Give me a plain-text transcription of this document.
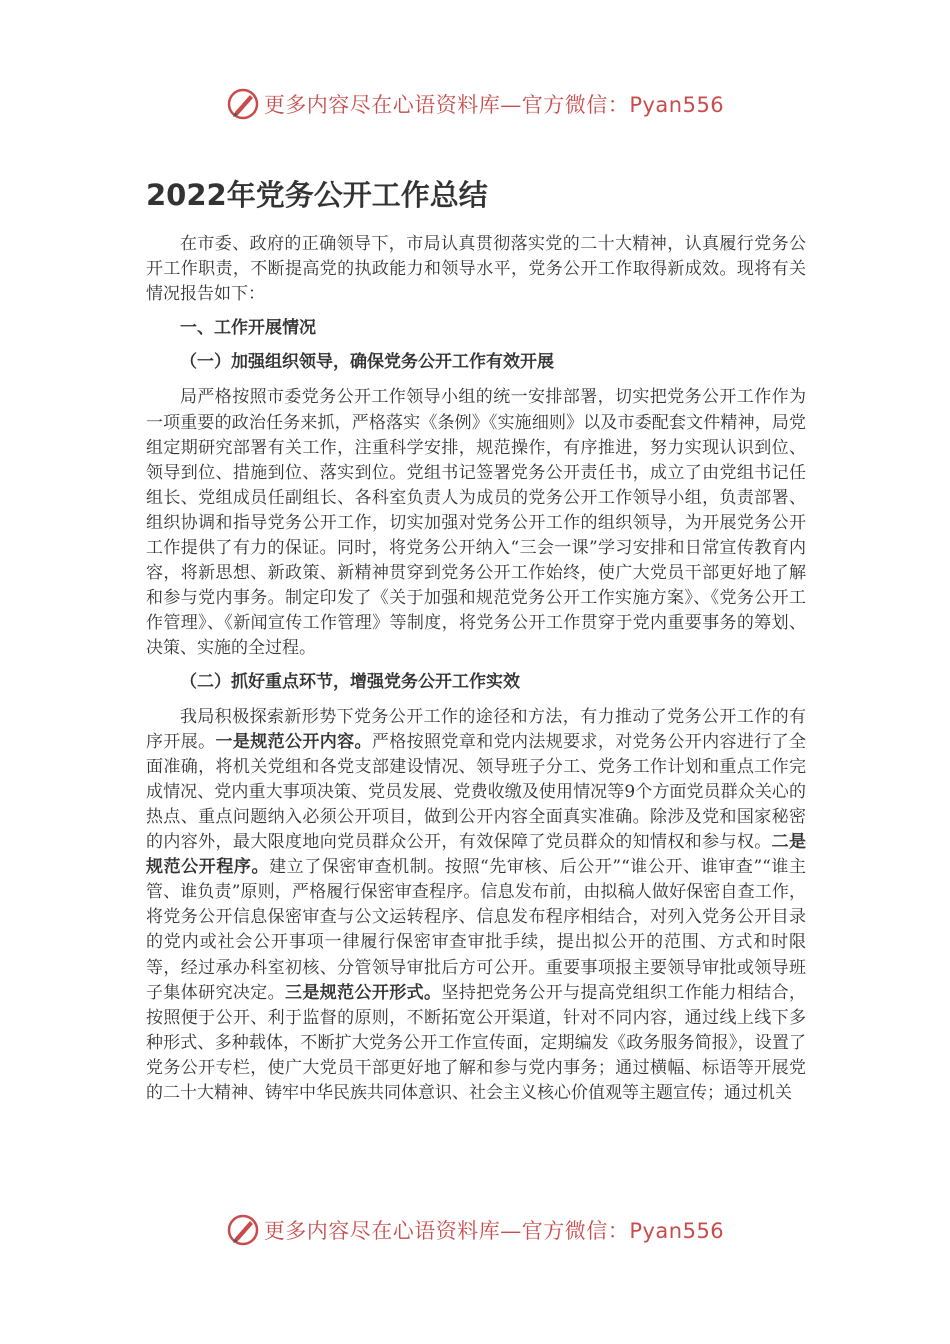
更多内容尽在心语资料库—官方微信：Pyan556
2022年党务公开工作总结

在市委、政府的正确领导下，市局认真贯彻落实党的二十大精神，认真履行党务公开工作职责，不断提高党的执政能力和领导水平，党务公开工作取得新成效。现将有关情况报告如下：

一、工作开展情况

（一）加强组织领导，确保党务公开工作有效开展

局严格按照市委党务公开工作领导小组的统一安排部署，切实把党务公开工作作为一项重要的政治任务来抓，严格落实《条例》《实施细则》以及市委配套文件精神，局党组定期研究部署有关工作，注重科学安排，规范操作，有序推进，努力实现认识到位、领导到位、措施到位、落实到位。党组书记签署党务公开责任书，成立了由党组书记任组长、党组成员任副组长、各科室负责人为成员的党务公开工作领导小组，负责部署、组织协调和指导党务公开工作，切实加强对党务公开工作的组织领导，为开展党务公开工作提供了有力的保证。同时，将党务公开纳入“三会一课”学习安排和日常宣传教育内容，将新思想、新政策、新精神贯穿到党务公开工作始终，使广大党员干部更好地了解和参与党内事务。制定印发了《关于加强和规范党务公开工作实施方案》、《党务公开工作管理》、《新闻宣传工作管理》等制度，将党务公开工作贯穿于党内重要事务的筹划、决策、实施的全过程。

（二）抓好重点环节，增强党务公开工作实效

我局积极探索新形势下党务公开工作的途径和方法，有力推动了党务公开工作的有序开展。一是规范公开内容。严格按照党章和党内法规要求，对党务公开内容进行了全面准确，将机关党组和各党支部建设情况、领导班子分工、党务工作计划和重点工作完成情况、党内重大事项决策、党员发展、党费收缴及使用情况等9个方面党员群众关心的热点、重点问题纳入必须公开项目，做到公开内容全面真实准确。除涉及党和国家秘密的内容外，最大限度地向党员群众公开，有效保障了党员群众的知情权和参与权。二是规范公开程序。建立了保密审查机制。按照“先审核、后公开”“谁公开、谁审查”“谁主管、谁负责”原则，严格履行保密审查程序。信息发布前，由拟稿人做好保密自查工作，将党务公开信息保密审查与公文运转程序、信息发布程序相结合，对列入党务公开目录的党内或社会公开事项一律履行保密审查审批手续，提出拟公开的范围、方式和时限等，经过承办科室初核、分管领导审批后方可公开。重要事项报主要领导审批或领导班子集体研究决定。三是规范公开形式。坚持把党务公开与提高党组织工作能力相结合，按照便于公开、利于监督的原则，不断拓宽公开渠道，针对不同内容，通过线上线下多种形式、多种载体，不断扩大党务公开工作宣传面，定期编发《政务服务简报》，设置了党务公开专栏，使广大党员干部更好地了解和参与党内事务；通过横幅、标语等开展党的二十大精神、铸牢中华民族共同体意识、社会主义核心价值观等主题宣传；通过机关

更多内容尽在心语资料库—官方微信：Pyan556
